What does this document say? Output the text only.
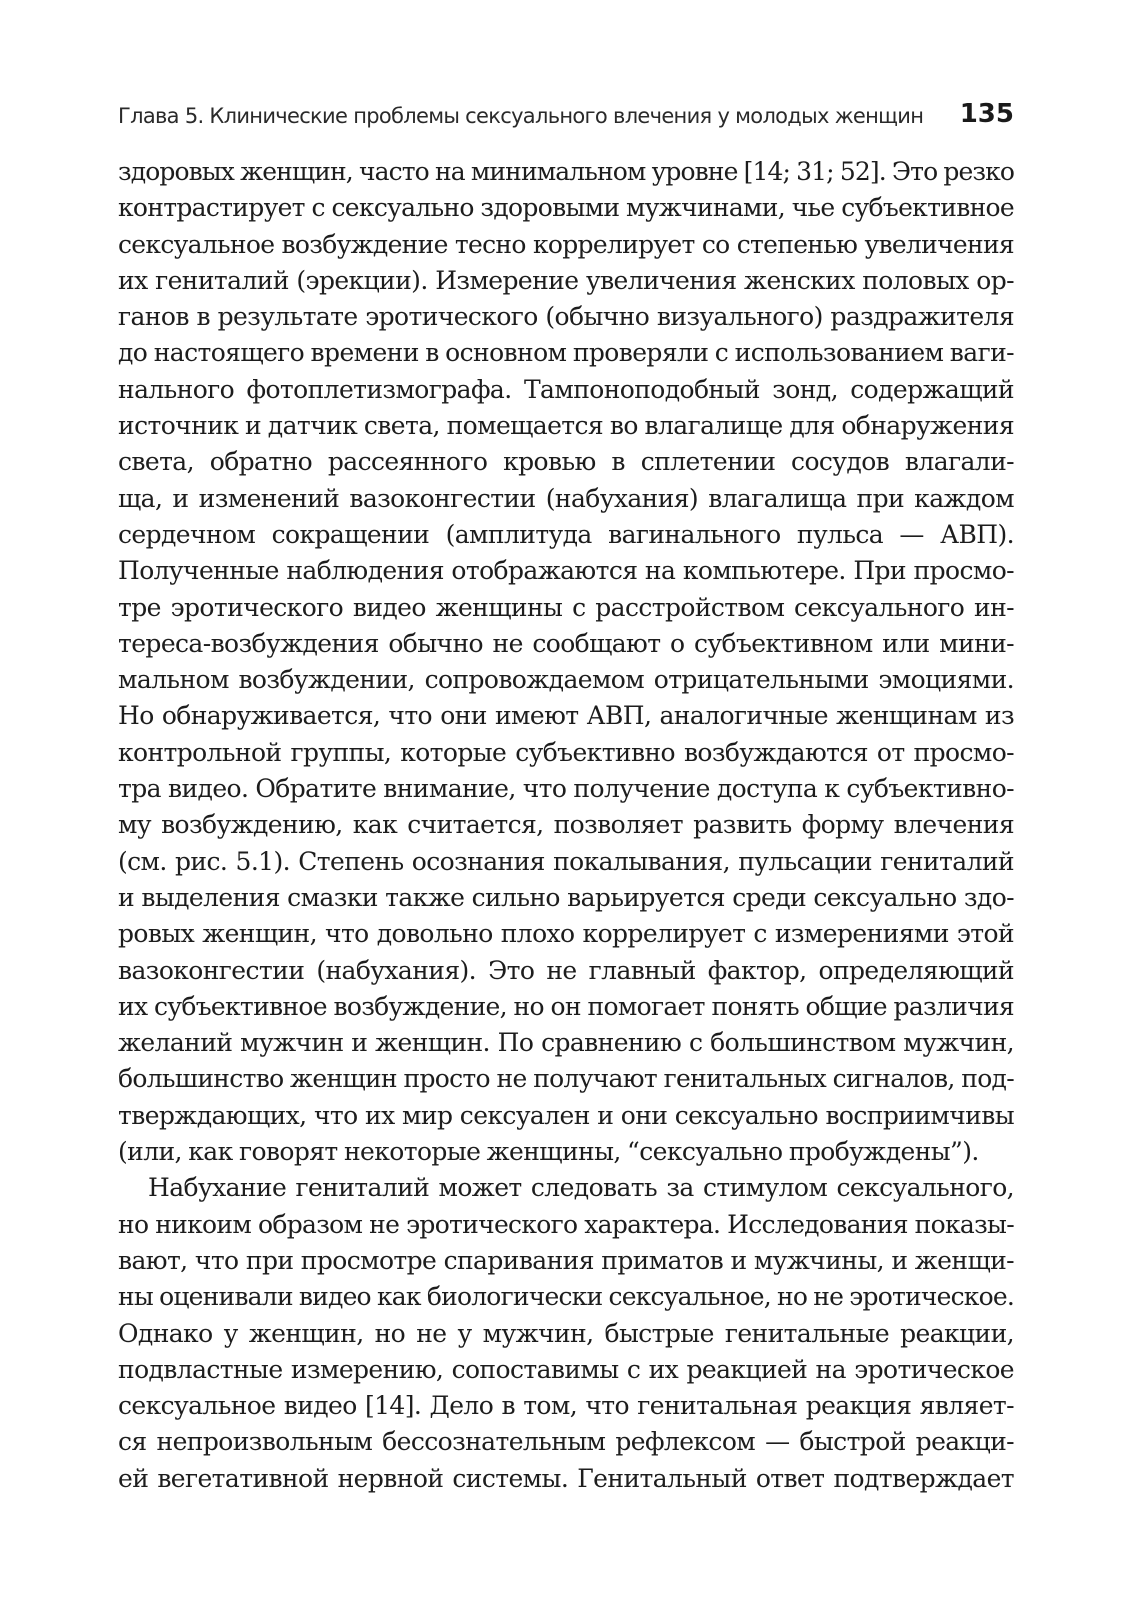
Глава 5. Клинические проблемы сексуального влечения у молодых женщин 135
здоровых женщин, часто на минимальном уровне [14; 31; 52]. Это резко
контрастирует с сексуально здоровыми мужчинами, чье субъективное
сексуальное возбуждение тесно коррелирует со степенью увеличения
их гениталий (эрекции). Измерение увеличения женских половых ор-
ганов в результате эротического (обычно визуального) раздражителя
до настоящего времени в основном проверяли с использованием ваги-
нального фотоплетизмографа. Тампоноподобный зонд, содержащий
источник и датчик света, помещается во влагалище для обнаружения
света, обратно рассеянного кровью в сплетении сосудов влагали-
ща, и изменений вазоконгестии (набухания) влагалища при каждом
сердечном сокращении (амплитуда вагинального пульса — АВП).
Полученные наблюдения отображаются на компьютере. При просмо-
тре эротического видео женщины с расстройством сексуального ин-
тереса-возбуждения обычно не сообщают о субъективном или мини-
мальном возбуждении, сопровождаемом отрицательными эмоциями.
Но обнаруживается, что они имеют АВП, аналогичные женщинам из
контрольной группы, которые субъективно возбуждаются от просмо-
тра видео. Обратите внимание, что получение доступа к субъективно-
му возбуждению, как считается, позволяет развить форму влечения
(см. рис. 5.1). Степень осознания покалывания, пульсации гениталий
и выделения смазки также сильно варьируется среди сексуально здо-
ровых женщин, что довольно плохо коррелирует с измерениями этой
вазоконгестии (набухания). Это не главный фактор, определяющий
их субъективное возбуждение, но он помогает понять общие различия
желаний мужчин и женщин. По сравнению с большинством мужчин,
большинство женщин просто не получают генитальных сигналов, под-
тверждающих, что их мир сексуален и они сексуально восприимчивы
(или, как говорят некоторые женщины, “сексуально пробуждены”).
Набухание гениталий может следовать за стимулом сексуального,
но никоим образом не эротического характера. Исследования показы-
вают, что при просмотре спаривания приматов и мужчины, и женщи-
ны оценивали видео как биологически сексуальное, но не эротическое.
Однако у женщин, но не у мужчин, быстрые генитальные реакции,
подвластные измерению, сопоставимы с их реакцией на эротическое
сексуальное видео [14]. Дело в том, что генитальная реакция являет-
ся непроизвольным бессознательным рефлексом — быстрой реакци-
ей вегетативной нервной системы. Генитальный ответ подтверждает
